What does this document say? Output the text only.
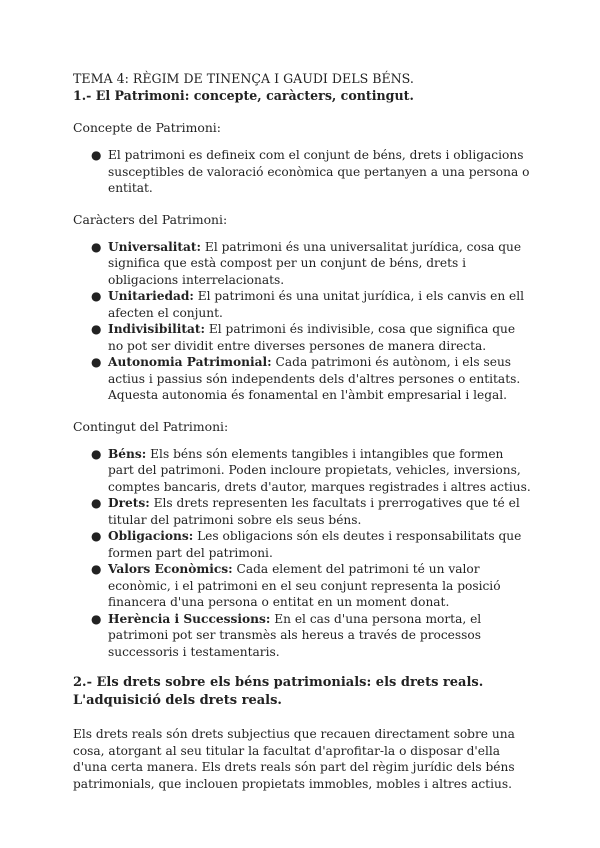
TEMA 4: RÈGIM DE TINENÇA I GAUDI DELS BÉNS.

1.- El Patrimoni: concepte, caràcters, contingut.

Concepte de Patrimoni:

● El patrimoni es defineix com el conjunt de béns, drets i obligacions susceptibles de valoració econòmica que pertanyen a una persona o entitat.

Caràcters del Patrimoni:

● Universalitat: El patrimoni és una universalitat jurídica, cosa que significa que està compost per un conjunt de béns, drets i obligacions interrelacionats.
● Unitariedad: El patrimoni és una unitat jurídica, i els canvis en ell afecten el conjunt.
● Indivisibilitat: El patrimoni és indivisible, cosa que significa que no pot ser dividit entre diverses persones de manera directa.
● Autonomia Patrimonial: Cada patrimoni és autònom, i els seus actius i passius són independents dels d'altres persones o entitats. Aquesta autonomia és fonamental en l'àmbit empresarial i legal.

Contingut del Patrimoni:

● Béns: Els béns són elements tangibles i intangibles que formen part del patrimoni. Poden incloure propietats, vehicles, inversions, comptes bancaris, drets d'autor, marques registrades i altres actius.
● Drets: Els drets representen les facultats i prerrogatives que té el titular del patrimoni sobre els seus béns.
● Obligacions: Les obligacions són els deutes i responsabilitats que formen part del patrimoni.
● Valors Econòmics: Cada element del patrimoni té un valor econòmic, i el patrimoni en el seu conjunt representa la posició financera d'una persona o entitat en un moment donat.
● Herència i Successions: En el cas d'una persona morta, el patrimoni pot ser transmès als hereus a través de processos successoris i testamentaris.

2.- Els drets sobre els béns patrimonials: els drets reals. L'adquisició dels drets reals.

Els drets reals són drets subjectius que recauen directament sobre una cosa, atorgant al seu titular la facultat d'aprofitar-la o disposar d'ella d'una certa manera. Els drets reals són part del règim jurídic dels béns patrimonials, que inclouen propietats immobles, mobles i altres actius.
